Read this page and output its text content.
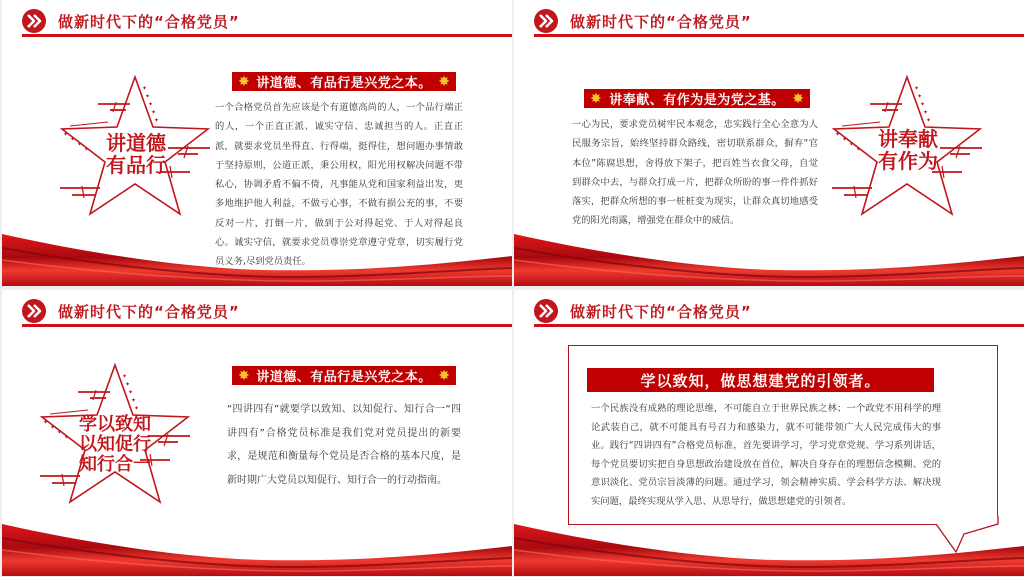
做新时代下的“合格党员”
讲道德
有品行
✸ 讲道德、有品行是兴党之本。 ✸
一个合格党员首先应该是个有道德高尚的人，一个品行端正的人，一个正直正派、诚实守信、忠诚担当的人。正直正派，就要求党员坐得直、行得端，挺得住，想问题办事情敢于坚持原则，公道正派，秉公用权，阳光用权解决问题不带私心，协调矛盾不偏不倚，凡事能从党和国家利益出发，更多地维护他人利益，不做亏心事，不做有损公充的事，不要反对一片，打倒一片，做到于公对得起党、于人对得起良心。诚实守信，就要求党员尊崇党章遵守党章，切实履行党员义务,尽到党员责任。
做新时代下的“合格党员”
✸ 讲奉献、有作为是为党之基。 ✸
一心为民，要求党员树牢民本观念，忠实践行全心全意为人民服务宗旨，始终坚持群众路线，密切联系群众，摒弃“官本位”陈腐思想，舍得放下架子，把百姓当衣食父母，自觉到群众中去，与群众打成一片，把群众所盼的事一件件抓好落实，把群众所想的事一桩桩变为现实，让群众真切地感受党的阳光雨露，增强党在群众中的威信。
讲奉献
有作为
做新时代下的“合格党员”
学以致知
以知促行
知行合一
✸ 讲道德、有品行是兴党之本。 ✸
“四讲四有”就要学以致知、以知促行、知行合一“四讲四有”合格党员标准是我们党对党员提出的新要求，是规范和衡量每个党员是否合格的基本尺度，是新时期广大党员以知促行、知行合一的行动指南。
做新时代下的“合格党员”
学以致知，做思想建党的引领者。
一个民族没有成熟的理论思维，不可能自立于世界民族之林；一个政党不用科学的理论武装自己，就不可能具有号召力和感染力，就不可能带领广大人民完成伟大的事业。践行“四讲四有”合格党员标准，首先要讲学习，学习党章党规、学习系列讲话，每个党员要切实把自身思想政治建设放在首位，解决自身存在的理想信念模糊、党的意识淡化、党员宗旨淡薄的问题。通过学习，领会精神实质、学会科学方法、解决现实问题，最终实现从学入思、从思导行，做思想建党的引领者。
